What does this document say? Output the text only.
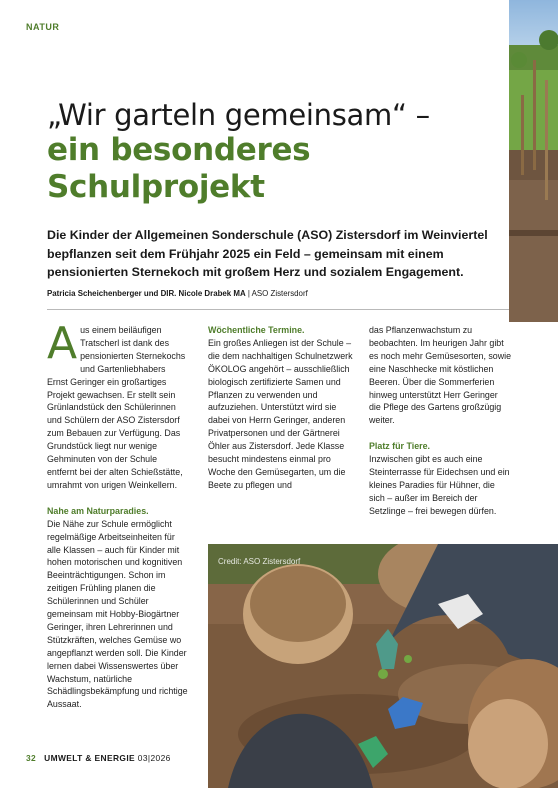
NATUR
„Wir garteln gemeinsam“ –
ein besonderes
Schulprojekt

Die Kinder der Allgemeinen Sonderschule (ASO) Zistersdorf im Weinviertel bepflanzen seit dem Frühjahr 2025 ein Feld – gemeinsam mit einem pensionierten Sternekoch mit großem Herz und sozialem Engagement.

Patricia Scheichenberger und DIR. Nicole Drabek MA | ASO Zistersdorf

Aus einem beiläufigen Tratscherl ist dank des pensionierten Sternekochs und Gartenliebhabers Ernst Geringer ein großartiges Projekt gewachsen. Er stellt sein Grünlandstück den Schülerinnen und Schülern der ASO Zistersdorf zum Bebauen zur Verfügung. Das Grundstück liegt nur wenige Gehminuten von der Schule entfernt bei der alten Schießstätte, umrahmt von urigen Weinkellern.

Nahe am Naturparadies.
Die Nähe zur Schule ermöglicht regelmäßige Arbeitseinheiten für alle Klassen – auch für Kinder mit hohen motorischen und kognitiven Beeinträchtigungen. Schon im zeitigen Frühling planen die Schülerinnen und Schüler gemeinsam mit Hobby-Biogärtner Geringer, ihren Lehrerinnen und Stützkräften, welches Gemüse wo angepflanzt werden soll. Die Kinder lernen dabei Wissenswertes über Wachstum, natürliche Schädlingsbekämpfung und richtige Aussaat.

Wöchentliche Termine.
Ein großes Anliegen ist der Schule – die dem nachhaltigen Schulnetzwerk ÖKOLOG angehört – ausschließlich biologisch zertifizierte Samen und Pflanzen zu verwenden und aufzuziehen. Unterstützt wird sie dabei von Herrn Geringer, anderen Privatpersonen und der Gärtnerei Öhler aus Zistersdorf. Jede Klasse besucht mindestens einmal pro Woche den Gemüsegarten, um die Beete zu pflegen und

das Pflanzenwachstum zu beobachten. Im heurigen Jahr gibt es noch mehr Gemüsesorten, sowie eine Naschhecke mit köstlichen Beeren. Über die Sommerferien hinweg unterstützt Herr Geringer die Pflege des Gartens großzügig weiter.

Platz für Tiere.
Inzwischen gibt es auch eine Steinterrasse für Eidechsen und ein kleines Paradies für Hühner, die sich – außer im Bereich der Setzlinge – frei bewegen dürfen.

Credit: ASO Zistersdorf
32 UMWELT & ENERGIE 03|2026
